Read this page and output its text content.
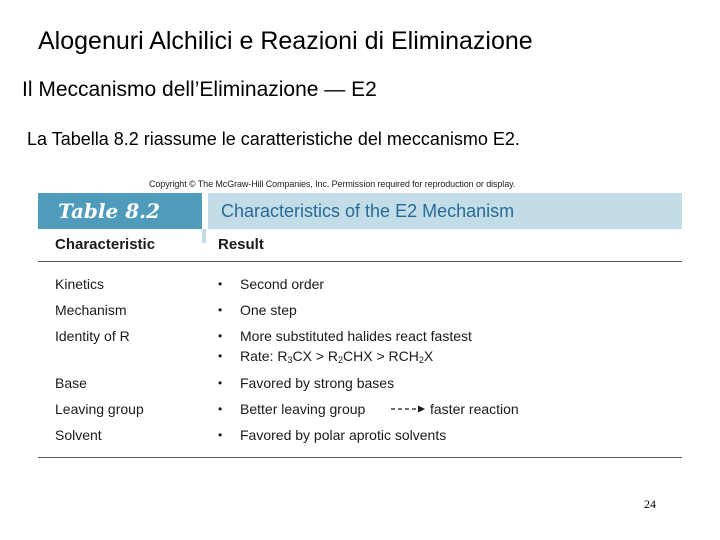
Alogenuri Alchilici e Reazioni di Eliminazione
Il Meccanismo dell’Eliminazione — E2
La Tabella 8.2 riassume le caratteristiche del meccanismo E2.
Copyright © The McGraw-Hill Companies, Inc. Permission required for reproduction or display.
Table 8.2	Characteristics of the E2 Mechanism
Characteristic	Result
Kinetics	• Second order
Mechanism	• One step
Identity of R	• More substituted halides react fastest
• Rate: $R_3CX > R_2CHX > RCH_2X$
Base	• Favored by strong bases
Leaving group	• Better leaving group	faster reaction
Solvent	• Favored by polar aprotic solvents
24
